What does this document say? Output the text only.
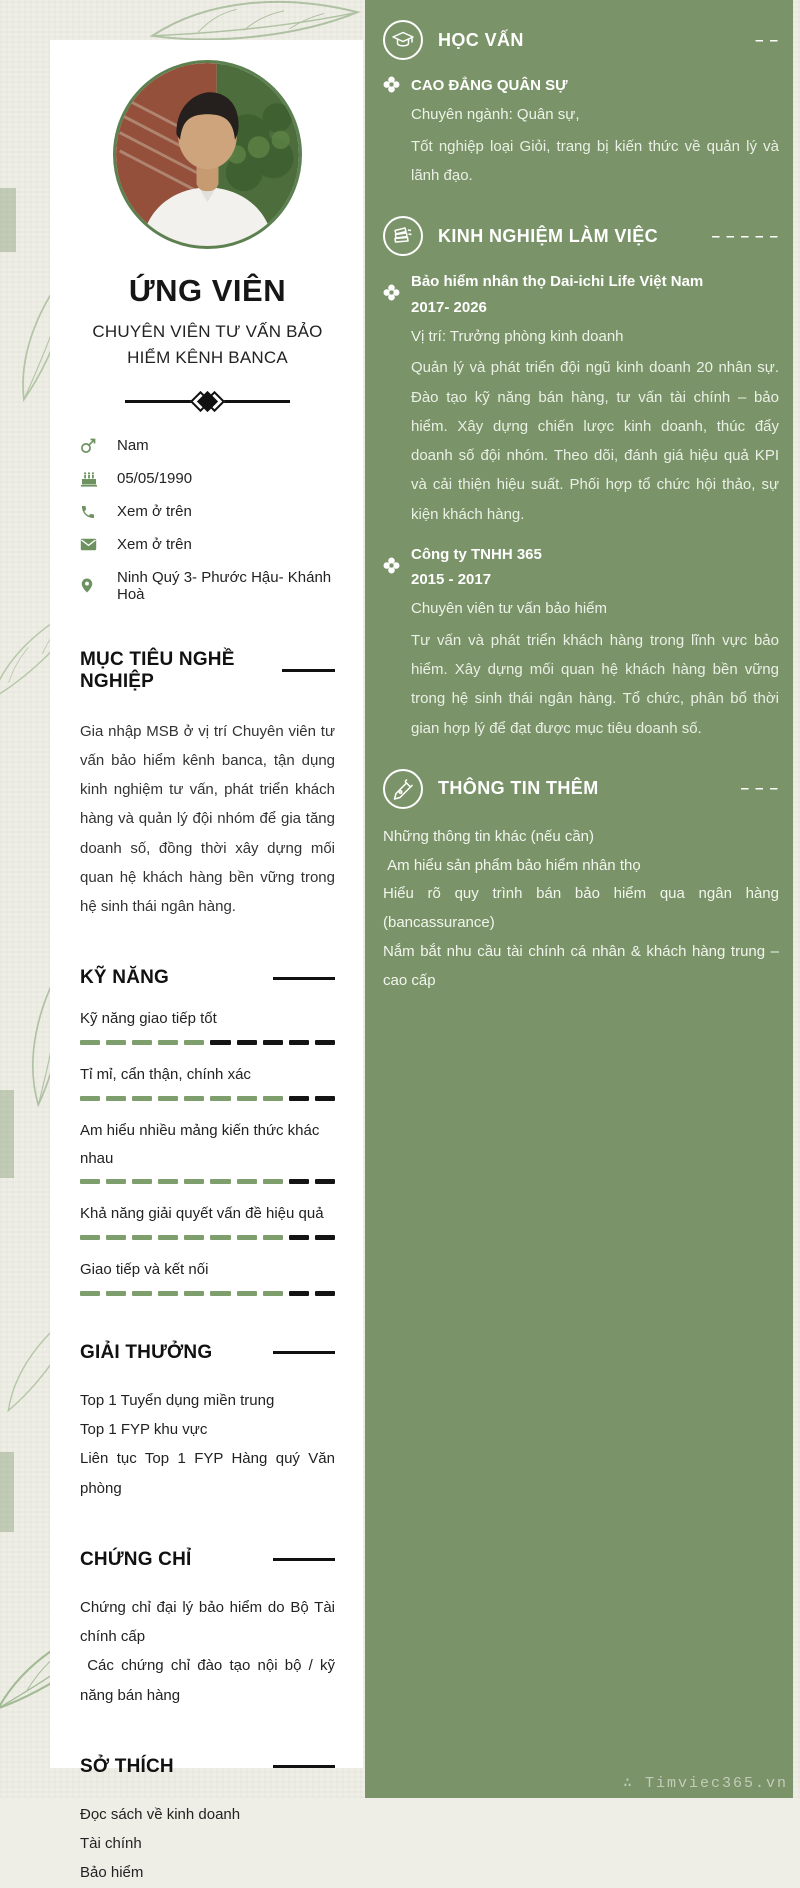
ỨNG VIÊN
CHUYÊN VIÊN TƯ VẤN BẢO HIỂM KÊNH BANCA
Nam
05/05/1990
Xem ở trên
Xem ở trên
Ninh Quý 3- Phước Hậu- Khánh Hoà
MỤC TIÊU NGHỀ NGHIỆP

Gia nhập MSB ở vị trí Chuyên viên tư vấn bảo hiểm kênh banca, tận dụng kinh nghiệm tư vấn, phát triển khách hàng và quản lý đội nhóm để gia tăng doanh số, đồng thời xây dựng mối quan hệ khách hàng bền vững trong hệ sinh thái ngân hàng.

KỸ NĂNG
Kỹ năng giao tiếp tốt
Tỉ mỉ, cẩn thận, chính xác
Am hiểu nhiều mảng kiến thức khác nhau
Khả năng giải quyết vấn đề hiệu quả
Giao tiếp và kết nối
GIẢI THƯỞNG
Top 1 Tuyển dụng miền trung
Top 1 FYP khu vực
Liên tục Top 1 FYP Hàng quý Văn phòng
CHỨNG CHỈ
Chứng chỉ đại lý bảo hiểm do Bộ Tài chính cấp
Các chứng chỉ đào tạo nội bộ / kỹ năng bán hàng
SỞ THÍCH
Đọc sách về kinh doanh
Tài chính
Bảo hiểm
HỌC VẤN	– –
CAO ĐẲNG QUÂN SỰ
Chuyên ngành: Quân sự,
Tốt nghiệp loại Giỏi, trang bị kiến thức về quản lý và lãnh đạo.
KINH NGHIỆM LÀM VIỆC	– – – – –
Bảo hiểm nhân thọ Dai-ichi Life Việt Nam
2017- 2026
Vị trí: Trưởng phòng kinh doanh
Quản lý và phát triển đội ngũ kinh doanh 20 nhân sự. Đào tạo kỹ năng bán hàng, tư vấn tài chính – bảo hiểm. Xây dựng chiến lược kinh doanh, thúc đẩy doanh số đội nhóm. Theo dõi, đánh giá hiệu quả KPI và cải thiện hiệu suất. Phối hợp tổ chức hội thảo, sự kiện khách hàng.
Công ty TNHH 365
2015 - 2017
Chuyên viên tư vấn bảo hiểm
Tư vấn và phát triển khách hàng trong lĩnh vực bảo hiểm. Xây dựng mối quan hệ khách hàng bền vững trong hệ sinh thái ngân hàng. Tổ chức, phân bổ thời gian hợp lý để đạt được mục tiêu doanh số.
THÔNG TIN THÊM	– – –
Những thông tin khác (nếu cần)
Am hiểu sản phẩm bảo hiểm nhân thọ
Hiểu rõ quy trình bán bảo hiểm qua ngân hàng (bancassurance)
Nắm bắt nhu cầu tài chính cá nhân & khách hàng trung – cao cấp
∴ Timviec365.vn
